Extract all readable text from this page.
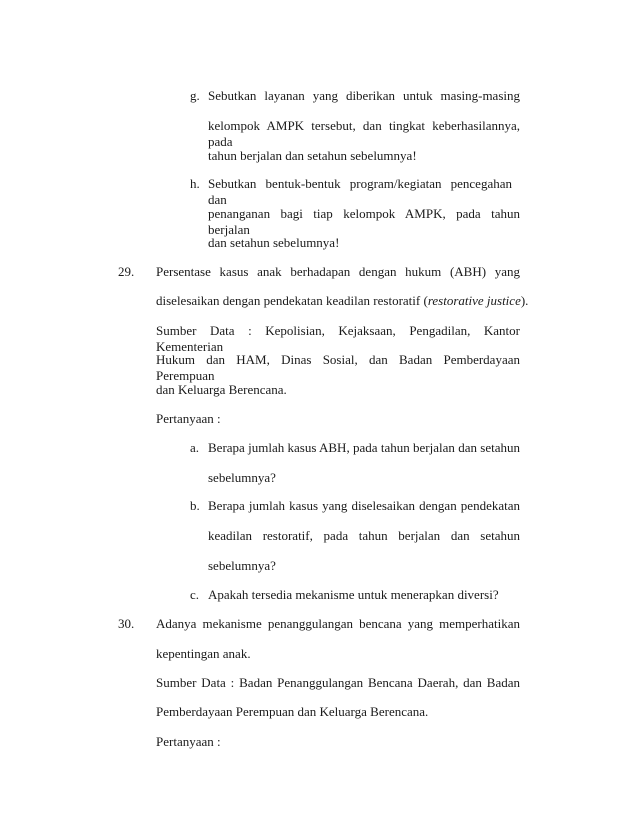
g. Sebutkan layanan yang diberikan untuk masing-masing
kelompok AMPK tersebut, dan tingkat keberhasilannya, pada
tahun berjalan dan setahun sebelumnya!
h. Sebutkan bentuk-bentuk program/kegiatan pencegahan dan
penanganan bagi tiap kelompok AMPK, pada tahun berjalan
dan setahun sebelumnya!
29. Persentase kasus anak berhadapan dengan hukum (ABH) yang
diselesaikan dengan pendekatan keadilan restoratif (restorative justice).
Sumber Data : Kepolisian, Kejaksaan, Pengadilan, Kantor Kementerian
Hukum dan HAM, Dinas Sosial, dan Badan Pemberdayaan Perempuan
dan Keluarga Berencana.
Pertanyaan :
a. Berapa jumlah kasus ABH, pada tahun berjalan dan setahun
sebelumnya?
b. Berapa jumlah kasus yang diselesaikan dengan pendekatan
keadilan restoratif, pada tahun berjalan dan setahun
sebelumnya?
c. Apakah tersedia mekanisme untuk menerapkan diversi?
30. Adanya mekanisme penanggulangan bencana yang memperhatikan
kepentingan anak.
Sumber Data : Badan Penanggulangan Bencana Daerah, dan Badan
Pemberdayaan Perempuan dan Keluarga Berencana.
Pertanyaan :
